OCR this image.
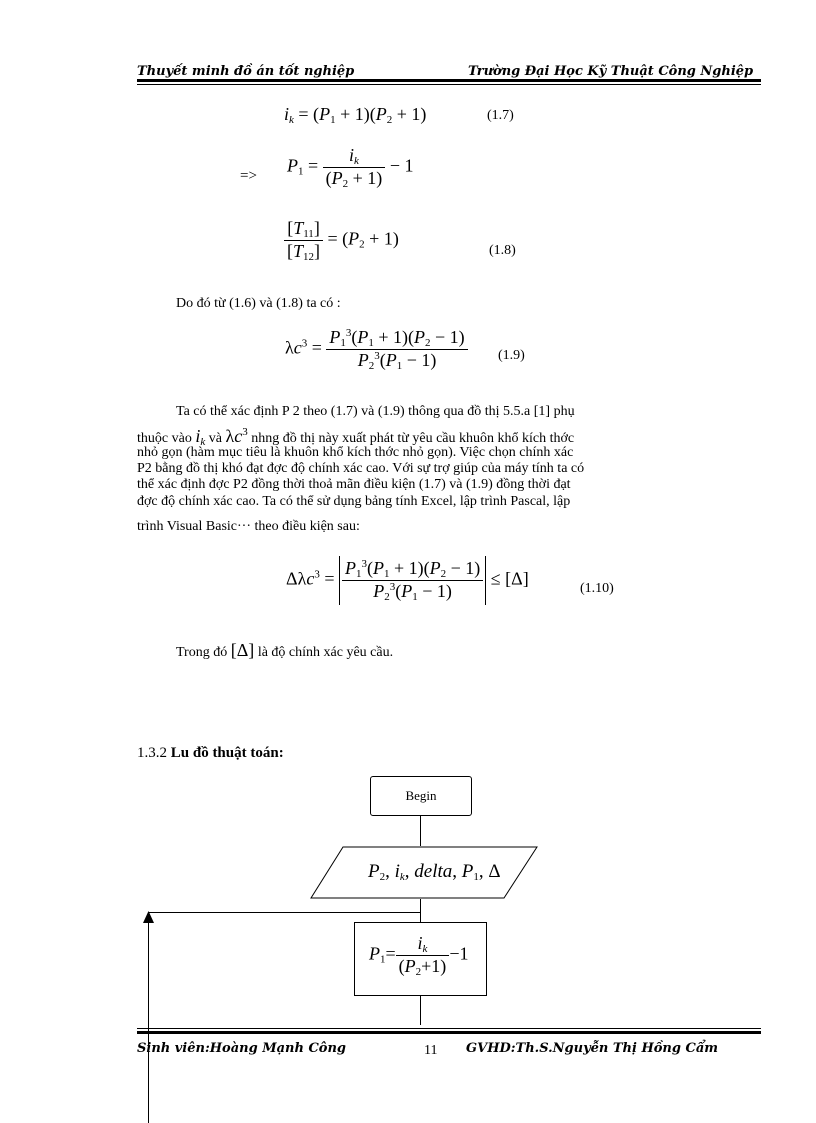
Thuyết minh đồ án tốt nghiệp	Trường Đại Học Kỹ Thuật Công Nghiệp
$i_k = (P_1 + 1)(P_2 + 1)$	(1.7)
=>
$P_1 = \frac{i_k}{(P_2 + 1)} - 1$
$\frac{[T_{11}]}{[T_{12}]} = (P_2 + 1)$
(1.8)
Do đó từ (1.6) và (1.8) ta có :
$\lambda c^3 = \frac{P_1^3(P_1 + 1)(P_2 - 1)}{P_2^3(P_1 - 1)} (1.9)$
Ta có thể xác định P 2 theo (1.7) và (1.9) thông qua đồ thị 5.5.a [1] phụ
thuộc vào $i_k$ và $\lambda c^3$ nhng đồ thị này xuất phát từ yêu cầu khuôn khổ kích thớc
nhỏ gọn (hàm mục tiêu là khuôn khổ kích thớc nhỏ gọn). Việc chọn chính xác
P2 bằng đồ thị khó đạt đợc độ chính xác cao. Với sự trợ giúp của máy tính ta có
thể xác định đợc P2 đồng thời thoả mãn điều kiện (1.7) và (1.9) đồng thời đạt
đợc độ chính xác cao. Ta có thể sử dụng bảng tính Excel, lập trình Pascal, lập
trình Visual Basic··· theo điều kiện sau:
$\Delta\lambda c^3 = \frac{P_1^3(P_1 + 1)(P_2 - 1)}{P_2^3(P_1 - 1)} \le [\Delta]$	(1.10)
Trong đó [Δ] là độ chính xác yêu cầu.
1.3.2 Lu đồ thuật toán:
Begin
$P_2$, $i_k$, delta, $P_1$, Δ
$P_1= \frac{i_k}{(P_2+1)} -1$
Sinh viên:Hoàng Mạnh Công	11 GVHD:Th.S.Nguyễn Thị Hồng Cẩm
